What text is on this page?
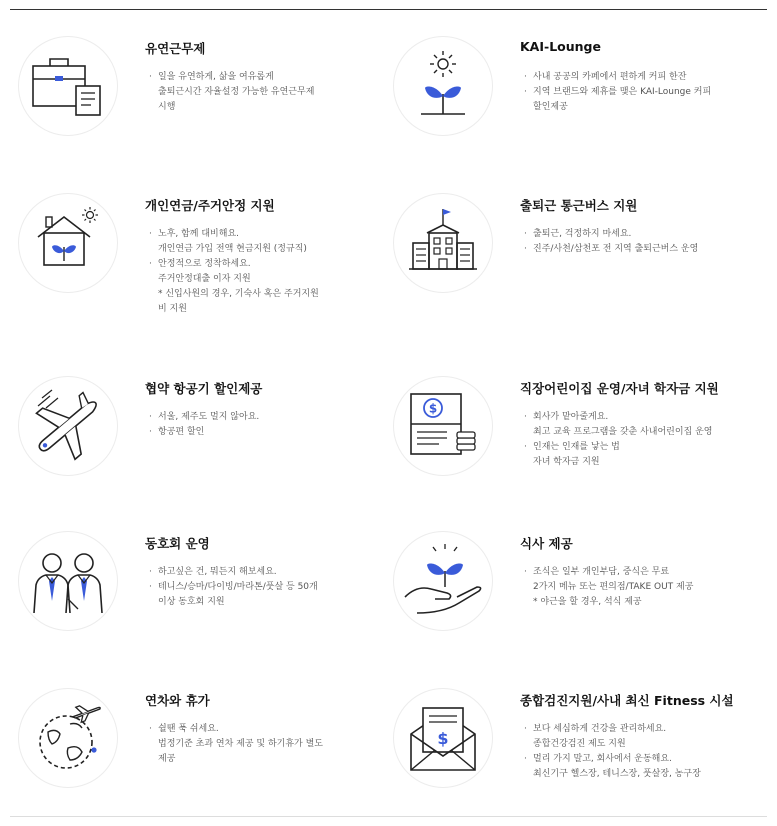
유연근무제
· 일을 유연하게, 삶을 여유롭게
출퇴근시간 자율설정 가능한 유연근무제
시행
KAI-Lounge
· 사내 공공의 카페에서 편하게 커피 한잔
· 지역 브랜드와 제휴를 맺은 KAI-Lounge 커피
할인제공
개인연금/주거안정 지원
· 노후, 함께 대비해요.
개인연금 가입 전액 현금지원 (정규직)
· 안정적으로 정착하세요.
주거안정대출 이자 지원
* 신입사원의 경우, 기숙사 혹은 주거지원
비 지원
출퇴근 통근버스 지원
· 출퇴근, 걱정하지 마세요.
· 진주/사천/삼천포 전 지역 출퇴근버스 운영
협약 항공기 할인제공
· 서울, 제주도 멀지 않아요.
· 항공편 할인
$
직장어린이집 운영/자녀 학자금 지원
· 회사가 맡아줄게요.
최고 교육 프로그램을 갖춘 사내어린이집 운영
· 인재는 인재를 낳는 법
자녀 학자금 지원
동호회 운영
· 하고싶은 건, 뭐든지 해보세요.
· 테니스/승마/다이빙/마라톤/풋살 등 50개
이상 동호회 지원
식사 제공
· 조식은 일부 개인부담, 중식은 무료
2가지 메뉴 또는 편의점/TAKE OUT 제공
* 야근을 할 경우, 석식 제공
연차와 휴가
· 쉴땐 푹 쉬세요.
법정기준 초과 연차 제공 및 하기휴가 별도
제공
$
종합검진지원/사내 최신 Fitness 시설
· 보다 세심하게 건강을 관리하세요.
종합건강검진 제도 지원
· 멀리 가지 말고, 회사에서 운동해요.
최신기구 헬스장, 테니스장, 풋살장, 농구장
